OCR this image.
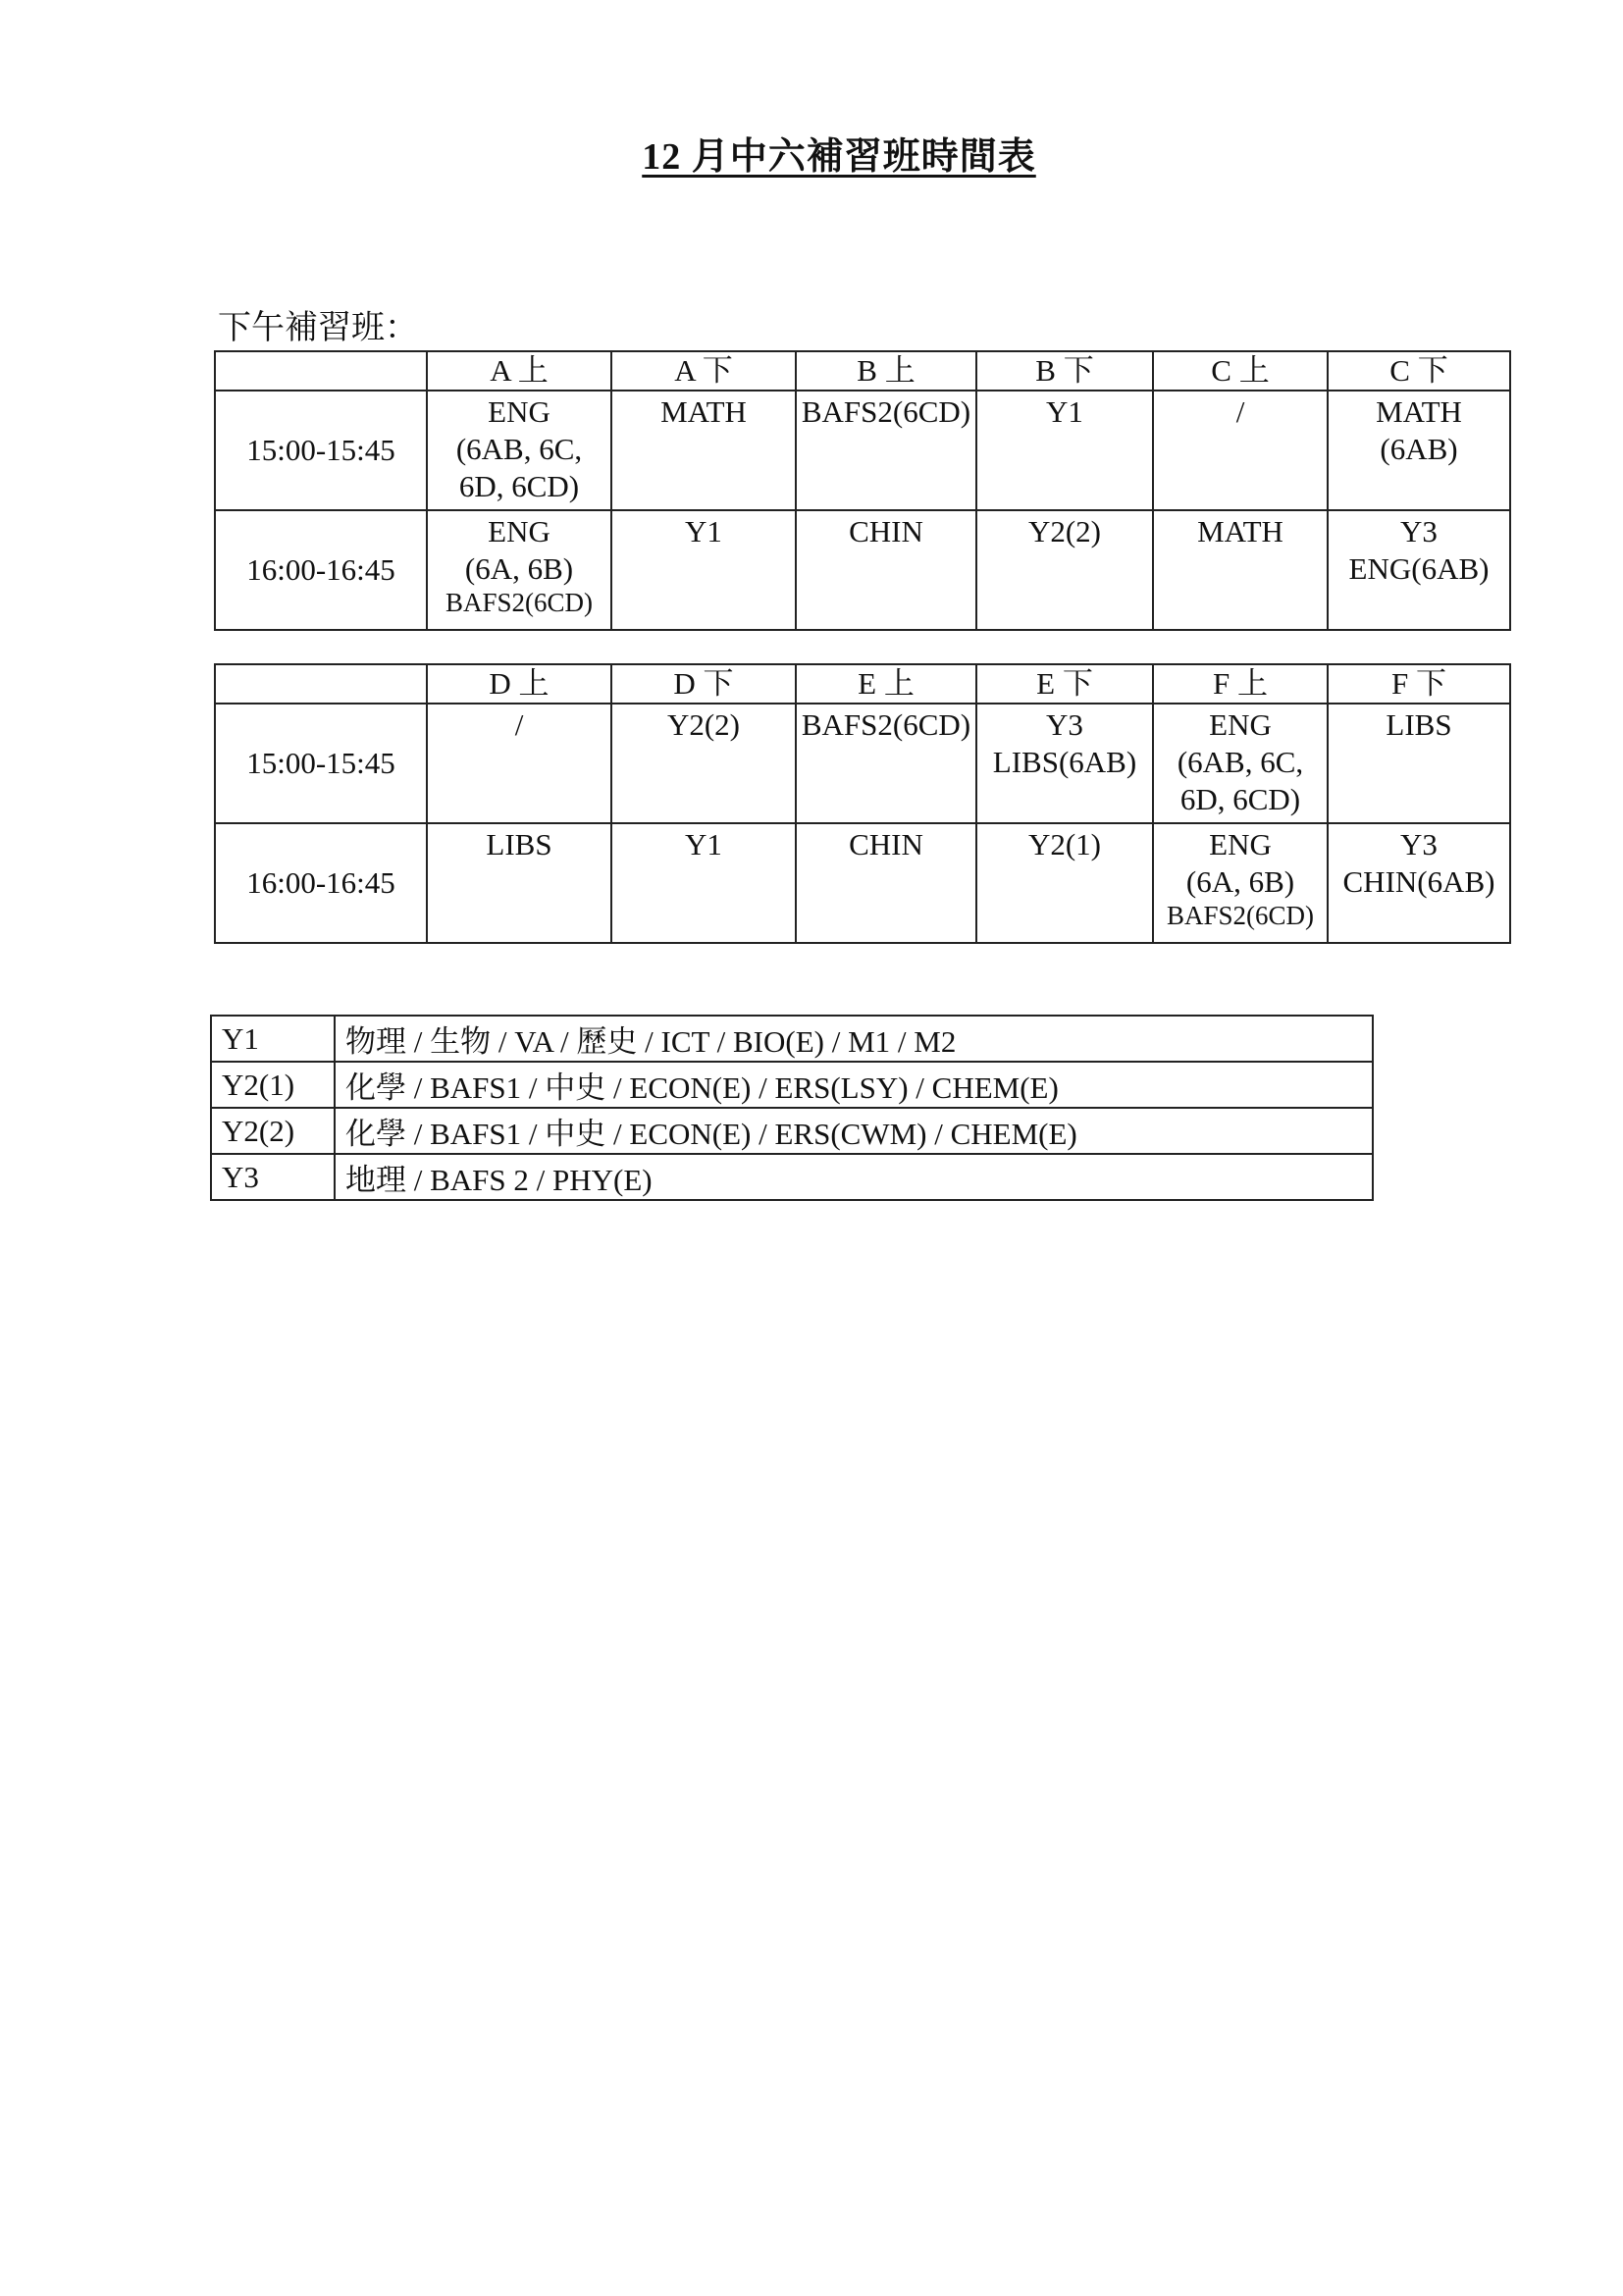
12 月中六補習班時間表
下午補習班：
	A 上	A 下	B 上	B 下	C 上	C 下
15:00-15:45	ENG
(6AB, 6C,
6D, 6CD)	MATH	BAFS2(6CD)	Y1	/	MATH
(6AB)

16:00-16:45	ENG
(6A, 6B)
BAFS2(6CD)	Y1	CHIN	Y2(2)	MATH	Y3
ENG(6AB)
	D 上	D 下	E 上	E 下	F 上	F 下
15:00-15:45	/	Y2(2)	BAFS2(6CD)	Y3
LIBS(6AB)	ENG
(6AB, 6C,
6D, 6CD)	LIBS

16:00-16:45	LIBS	Y1	CHIN	Y2(1)	ENG
(6A, 6B)
BAFS2(6CD)	Y3
CHIN(6AB)
Y1	物理 / 生物 / VA / 歷史 / ICT / BIO(E) / M1 / M2
Y2(1)	化學 / BAFS1 / 中史 / ECON(E) / ERS(LSY) / CHEM(E)
Y2(2)	化學 / BAFS1 / 中史 / ECON(E) / ERS(CWM) / CHEM(E)
Y3	地理 / BAFS 2 / PHY(E)
